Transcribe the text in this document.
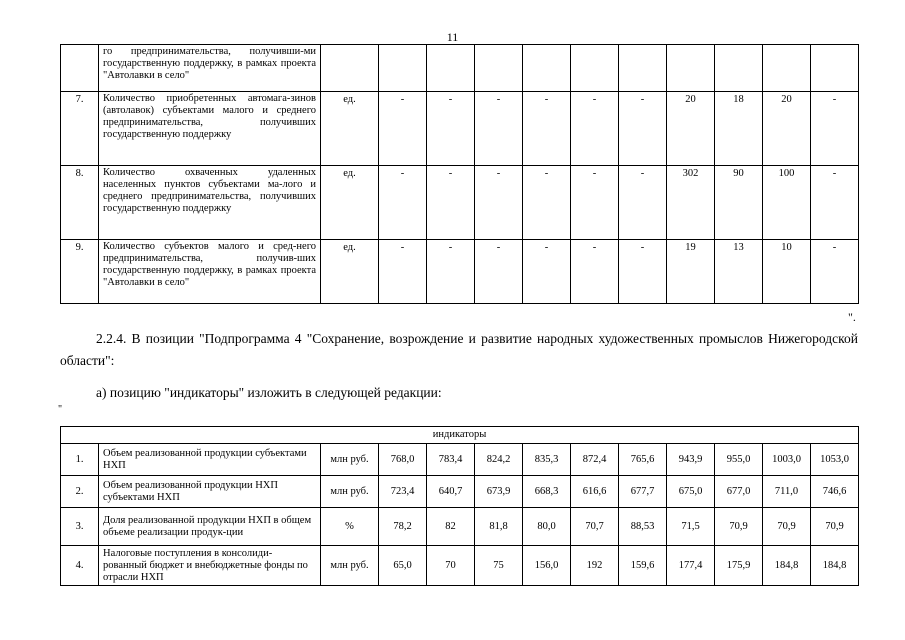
11
	го предпринимательства, получивши-ми государственную поддержку, в рамках проекта "Автолавки в село"											
7.	Количество приобретенных автомага-зинов (автолавок) субъектами малого и среднего предпринимательства, получивших государственную поддержку	ед.	-	-	-	-	-	-	20	18	20	-
8.	Количество охваченных удаленных населенных пунктов субъектами ма-лого и среднего предпринимательства, получивших государственную поддержку	ед.	-	-	-	-	-	-	302	90	100	-
9.	Количество субъектов малого и сред-него предпринимательства, получив-ших государственную поддержку, в рамках проекта "Автолавки в село"	ед.	-	-	-	-	-	-	19	13	10	-
".
2.2.4. В позиции "Подпрограмма 4 "Сохранение, возрождение и развитие народных художественных промыслов Нижегородской области":
а) позицию "индикаторы" изложить в следующей редакции:
"
индикаторы												
1.	Объем реализованной продукции субъектами НХП	млн руб.	768,0	783,4	824,2	835,3	872,4	765,6	943,9	955,0	1003,0	1053,0
2.	Объем реализованной продукции НХП субъектами НХП	млн руб.	723,4	640,7	673,9	668,3	616,6	677,7	675,0	677,0	711,0	746,6
3.	Доля реализованной продукции НХП в общем объеме реализации продук-ции	%	78,2	82	81,8	80,0	70,7	88,53	71,5	70,9	70,9	70,9
4.	Налоговые поступления в консолиди-рованный бюджет и внебюджетные фонды по отрасли НХП	млн руб.	65,0	70	75	156,0	192	159,6	177,4	175,9	184,8	184,8
